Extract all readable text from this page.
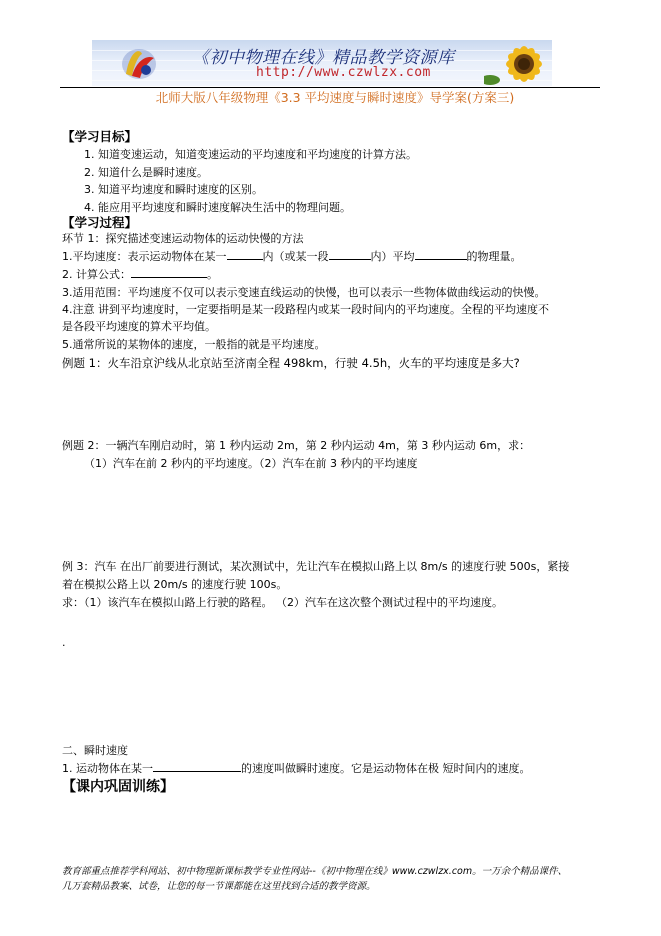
《初中物理在线》精品教学资源库
http://www.czwlzx.com
北师大版八年级物理《3.3 平均速度与瞬时速度》导学案(方案三)
【学习目标】
1. 知道变速运动，知道变速运动的平均速度和平均速度的计算方法。
2. 知道什么是瞬时速度。
3. 知道平均速度和瞬时速度的区别。
4. 能应用平均速度和瞬时速度解决生活中的物理问题。
【学习过程】
环节 1：探究描述变速运动物体的运动快慢的方法
1.平均速度：表示运动物体在某一	内（或某一段	内）平均	的物理量。
2. 计算公式：	。
3.适用范围：平均速度不仅可以表示变速直线运动的快慢，也可以表示一些物体做曲线运动的快慢。
4.注意 讲到平均速度时，一定要指明是某一段路程内或某一段时间内的平均速度。全程的平均速度不
是各段平均速度的算术平均值。
5.通常所说的某物体的速度，一般指的就是平均速度。
例题 1：火车沿京沪线从北京站至济南全程 498km，行驶 4.5h，火车的平均速度是多大?
例题 2：一辆汽车刚启动时，第 1 秒内运动 2m，第 2 秒内运动 4m，第 3 秒内运动 6m，求：
（1）汽车在前 2 秒内的平均速度。（2）汽车在前 3 秒内的平均速度
例 3：汽车 在出厂前要进行测试，某次测试中，先让汽车在模拟山路上以 8m/s 的速度行驶 500s，紧接
着在模拟公路上以 20m/s 的速度行驶 100s。
求：（1）该汽车在模拟山路上行驶的路程。 （2）汽车在这次整个测试过程中的平均速度。
.
二、瞬时速度
1. 运动物体在某一	的速度叫做瞬时速度。它是运动物体在极 短时间内的速度。
【课内巩固训练】
教育部重点推荐学科网站、初中物理新课标教学专业性网站--《初中物理在线》www.czwlzx.com。一万余个精品课件、
几万套精品教案、试卷，让您的每一节课都能在这里找到合适的教学资源。
